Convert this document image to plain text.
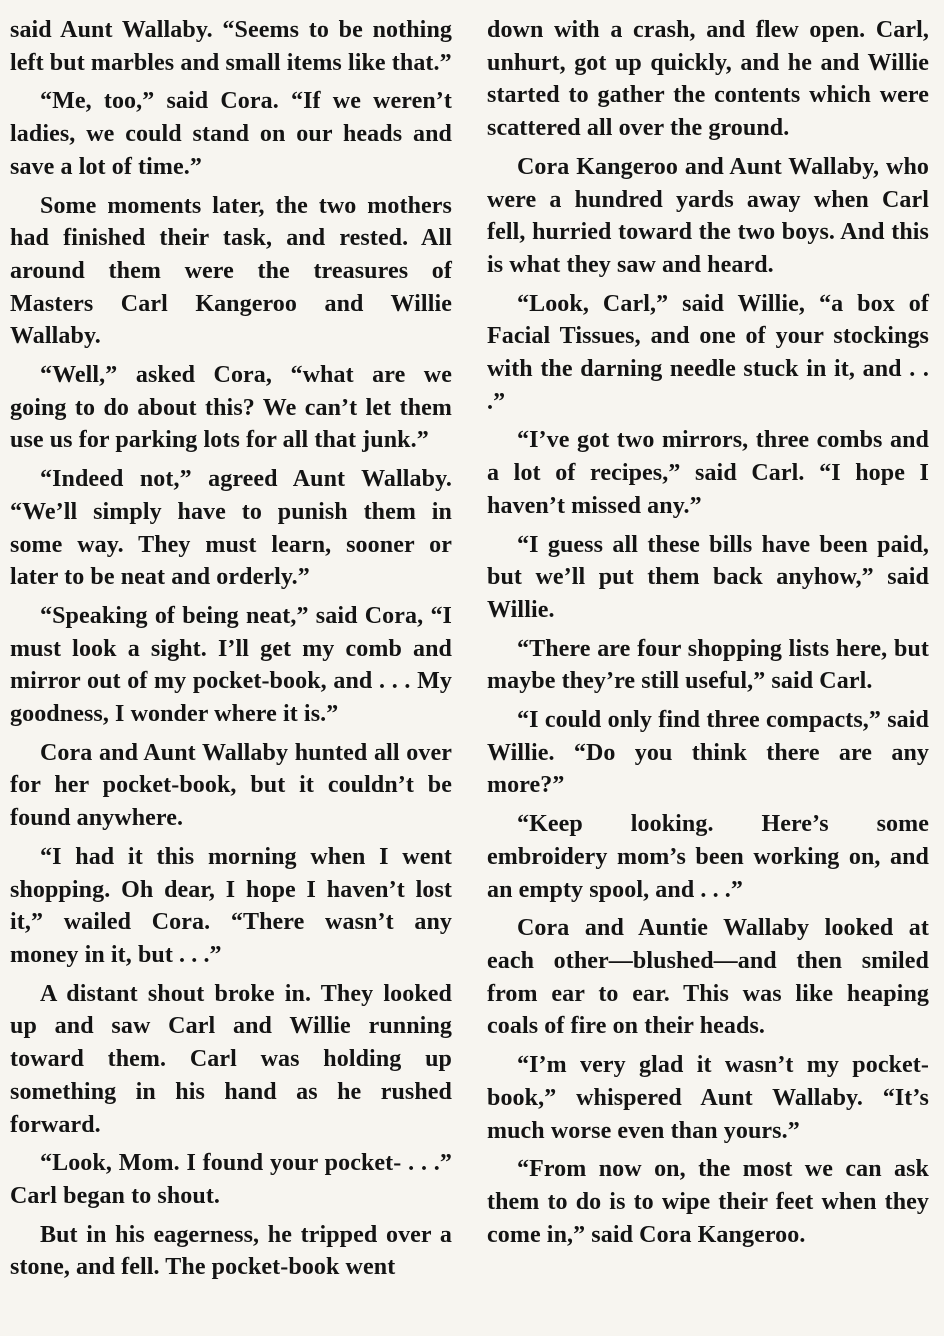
said Aunt Wallaby. “Seems to be nothing left but marbles and small items like that.”

“Me, too,” said Cora. “If we weren’t ladies, we could stand on our heads and save a lot of time.”

Some moments later, the two mothers had finished their task, and rested. All around them were the treasures of Masters Carl Kangeroo and Willie Wallaby.

“Well,” asked Cora, “what are we going to do about this? We can’t let them use us for parking lots for all that junk.”

“Indeed not,” agreed Aunt Wallaby. “We’ll simply have to punish them in some way. They must learn, sooner or later to be neat and orderly.”

“Speaking of being neat,” said Cora, “I must look a sight. I’ll get my comb and mirror out of my pocket-book, and . . . My goodness, I wonder where it is.”

Cora and Aunt Wallaby hunted all over for her pocket-book, but it couldn’t be found anywhere.

“I had it this morning when I went shopping. Oh dear, I hope I haven’t lost it,” wailed Cora. “There wasn’t any money in it, but . . .”

A distant shout broke in. They looked up and saw Carl and Willie running toward them. Carl was holding up something in his hand as he rushed forward.

“Look, Mom. I found your pocket- . . .” Carl began to shout.

But in his eagerness, he tripped over a stone, and fell. The pocket-book went

down with a crash, and flew open. Carl, unhurt, got up quickly, and he and Willie started to gather the contents which were scattered all over the ground.

Cora Kangeroo and Aunt Wallaby, who were a hundred yards away when Carl fell, hurried toward the two boys. And this is what they saw and heard.

“Look, Carl,” said Willie, “a box of Facial Tissues, and one of your stockings with the darning needle stuck in it, and . . .”

“I’ve got two mirrors, three combs and a lot of recipes,” said Carl. “I hope I haven’t missed any.”

“I guess all these bills have been paid, but we’ll put them back anyhow,” said Willie.

“There are four shopping lists here, but maybe they’re still useful,” said Carl.

“I could only find three compacts,” said Willie. “Do you think there are any more?”

“Keep looking. Here’s some embroidery mom’s been working on, and an empty spool, and . . .”

Cora and Auntie Wallaby looked at each other—blushed—and then smiled from ear to ear. This was like heaping coals of fire on their heads.

“I’m very glad it wasn’t my pocket-book,” whispered Aunt Wallaby. “It’s much worse even than yours.”

“From now on, the most we can ask them to do is to wipe their feet when they come in,” said Cora Kangeroo.
